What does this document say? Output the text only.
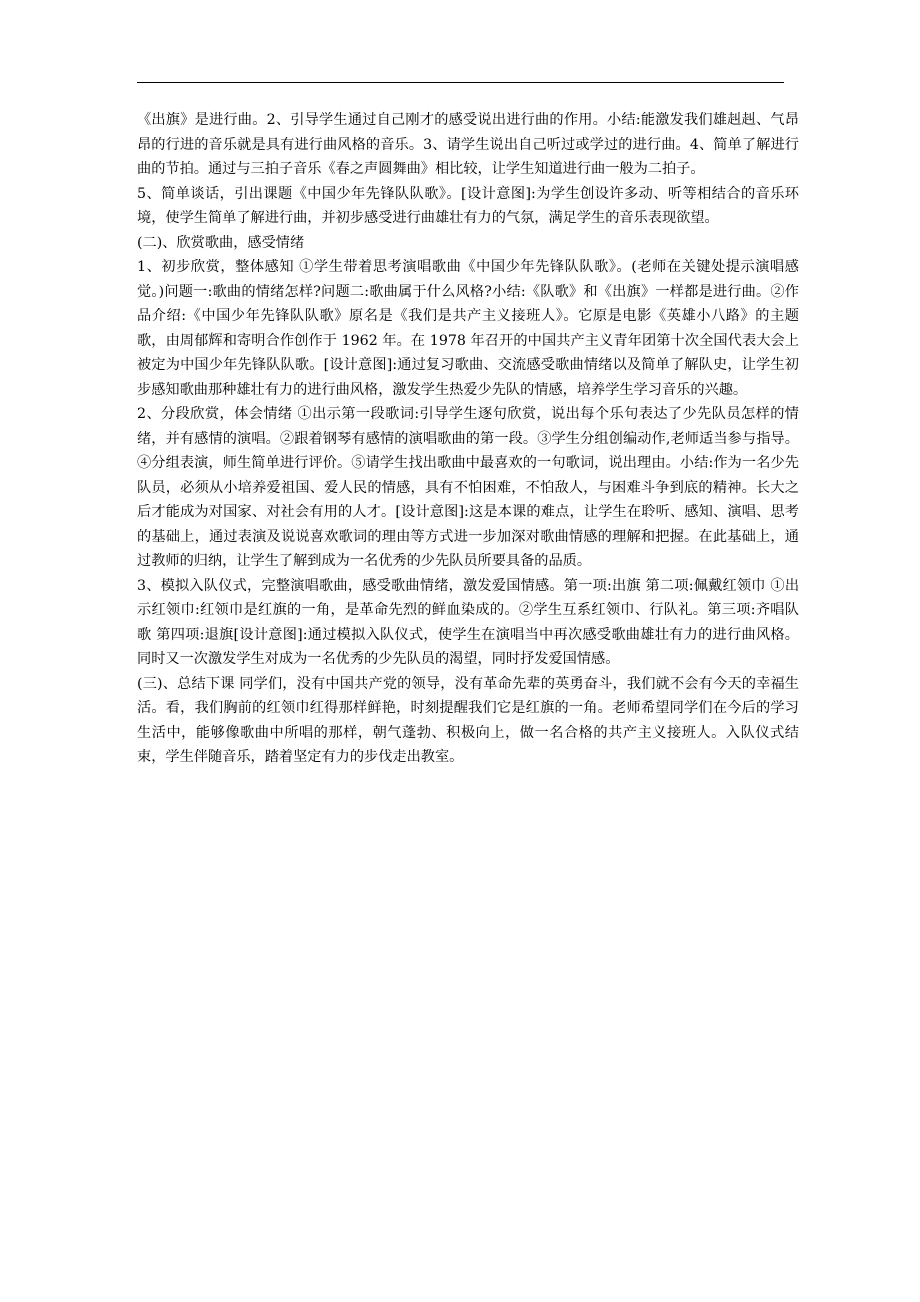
《出旗》是进行曲。2、引导学生通过自己刚才的感受说出进行曲的作用。小结:能激发我们雄赳赳、气昂昂的行进的音乐就是具有进行曲风格的音乐。3、请学生说出自己听过或学过的进行曲。4、简单了解进行曲的节拍。通过与三拍子音乐《春之声圆舞曲》相比较，让学生知道进行曲一般为二拍子。

5、简单谈话，引出课题《中国少年先锋队队歌》。[设计意图]:为学生创设许多动、听等相结合的音乐环境，使学生简单了解进行曲，并初步感受进行曲雄壮有力的气氛，满足学生的音乐表现欲望。

(二)、欣赏歌曲，感受情绪

1、初步欣赏，整体感知 ①学生带着思考演唱歌曲《中国少年先锋队队歌》。(老师在关键处提示演唱感觉。)问题一:歌曲的情绪怎样?问题二:歌曲属于什么风格?小结:《队歌》和《出旗》一样都是进行曲。②作品介绍:《中国少年先锋队队歌》原名是《我们是共产主义接班人》。它原是电影《英雄小八路》的主题歌，由周郁辉和寄明合作创作于 1962 年。在 1978 年召开的中国共产主义青年团第十次全国代表大会上被定为中国少年先锋队队歌。[设计意图]:通过复习歌曲、交流感受歌曲情绪以及简单了解队史，让学生初步感知歌曲那种雄壮有力的进行曲风格，激发学生热爱少先队的情感，培养学生学习音乐的兴趣。

2、分段欣赏，体会情绪 ①出示第一段歌词:引导学生逐句欣赏，说出每个乐句表达了少先队员怎样的情绪，并有感情的演唱。②跟着钢琴有感情的演唱歌曲的第一段。③学生分组创编动作,老师适当参与指导。④分组表演，师生简单进行评价。⑤请学生找出歌曲中最喜欢的一句歌词，说出理由。小结:作为一名少先队员，必须从小培养爱祖国、爱人民的情感，具有不怕困难，不怕敌人，与困难斗争到底的精神。长大之后才能成为对国家、对社会有用的人才。[设计意图]:这是本课的难点，让学生在聆听、感知、演唱、思考的基础上，通过表演及说说喜欢歌词的理由等方式进一步加深对歌曲情感的理解和把握。在此基础上，通过教师的归纳，让学生了解到成为一名优秀的少先队员所要具备的品质。

3、模拟入队仪式，完整演唱歌曲，感受歌曲情绪，激发爱国情感。第一项:出旗 第二项:佩戴红领巾 ①出示红领巾:红领巾是红旗的一角，是革命先烈的鲜血染成的。②学生互系红领巾、行队礼。第三项:齐唱队歌 第四项:退旗[设计意图]:通过模拟入队仪式，使学生在演唱当中再次感受歌曲雄壮有力的进行曲风格。同时又一次激发学生对成为一名优秀的少先队员的渴望，同时抒发爱国情感。

(三)、总结下课 同学们，没有中国共产党的领导，没有革命先辈的英勇奋斗，我们就不会有今天的幸福生活。看，我们胸前的红领巾红得那样鲜艳，时刻提醒我们它是红旗的一角。老师希望同学们在今后的学习生活中，能够像歌曲中所唱的那样，朝气蓬勃、积极向上，做一名合格的共产主义接班人。入队仪式结束，学生伴随音乐，踏着坚定有力的步伐走出教室。
